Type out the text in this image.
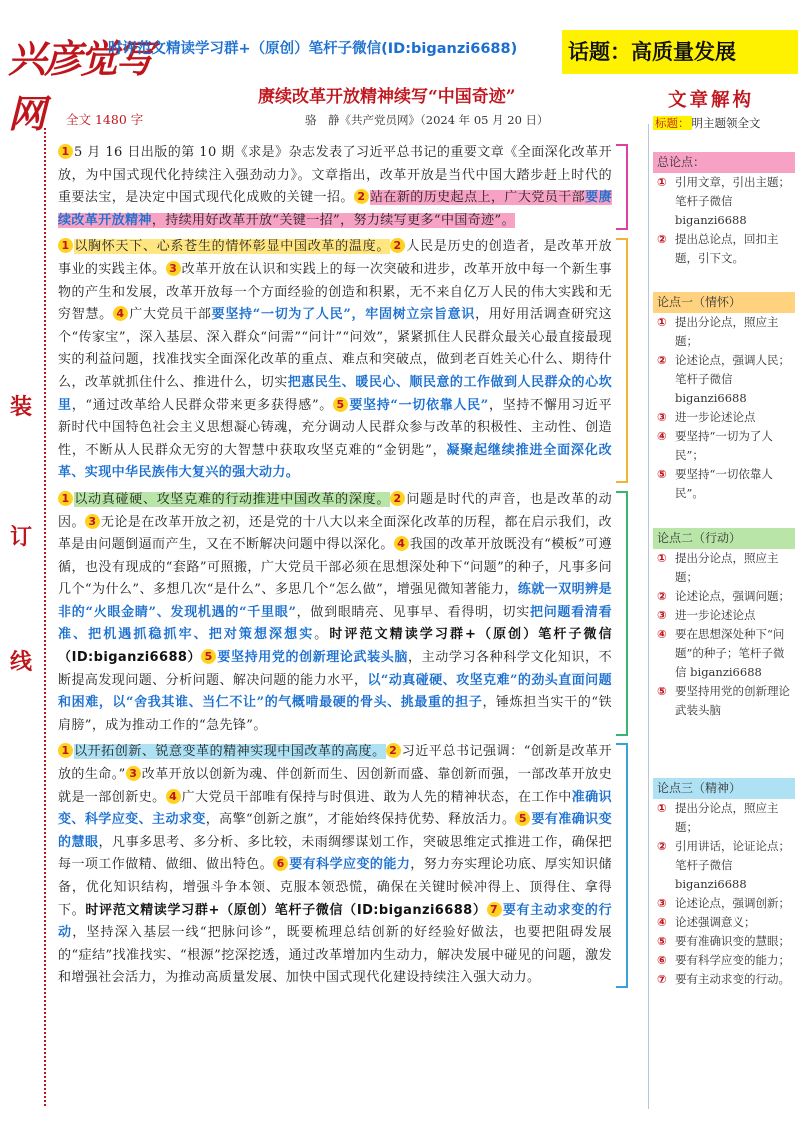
兴彦觉写网
时评范文精读学习群+（原创）笔杆子微信(ID:biganzi6688) 话题：高质量发展
赓续改革开放精神续写“中国奇迹”
全文 1480 字	骆　静《共产党员网》（2024 年 05 月 20 日）
文章解构
装
订
线
1 5 月 16 日出版的第 10 期《求是》杂志发表了习近平总书记的重要文章《全面深化改革开放，为中国式现代化持续注入强劲动力》。文章指出，改革开放是当代中国大踏步赶上时代的重要法宝，是决定中国式现代化成败的关键一招。 2 站在新的历史起点上，广大党员干部要赓续改革开放精神，持续用好改革开放“关键一招”，努力续写更多“中国奇迹”。
1 以胸怀天下、心系苍生的情怀彰显中国改革的温度。 2 人民是历史的创造者，是改革开放事业的实践主体。 3 改革开放在认识和实践上的每一次突破和进步，改革开放中每一个新生事物的产生和发展，改革开放每一个方面经验的创造和积累，无不来自亿万人民的伟大实践和无穷智慧。 4 广大党员干部要坚持“一切为了人民”，牢固树立宗旨意识，用好用活调查研究这个“传家宝”，深入基层、深入群众“问需”“问计”“问效”，紧紧抓住人民群众最关心最直接最现实的利益问题，找准找实全面深化改革的重点、难点和突破点，做到老百姓关心什么、期待什么，改革就抓住什么、推进什么，切实把惠民生、暖民心、顺民意的工作做到人民群众的心坎里，“通过改革给人民群众带来更多获得感”。 5 要坚持“一切依靠人民”，坚持不懈用习近平新时代中国特色社会主义思想凝心铸魂，充分调动人民群众参与改革的积极性、主动性、创造性，不断从人民群众无穷的大智慧中获取攻坚克难的“金钥匙”，凝聚起继续推进全面深化改革、实现中华民族伟大复兴的强大动力。
1 以动真碰硬、攻坚克难的行动推进中国改革的深度。 2 问题是时代的声音，也是改革的动因。 3 无论是在改革开放之初，还是党的十八大以来全面深化改革的历程，都在启示我们，改革是由问题倒逼而产生，又在不断解决问题中得以深化。 4 我国的改革开放既没有“模板”可遵循，也没有现成的“套路”可照搬，广大党员干部必须在思想深处种下“问题”的种子，凡事多问几个“为什么”、多想几次“是什么”、多思几个“怎么做”，增强见微知著能力，练就一双明辨是非的“火眼金睛”、发现机遇的“千里眼”，做到眼睛亮、见事早、看得明，切实把问题看清看准、把机遇抓稳抓牢、把对策想深想实。时评范文精读学习群+（原创）笔杆子微信（ID:biganzi6688） 5 要坚持用党的创新理论武装头脑，主动学习各种科学文化知识，不断提高发现问题、分析问题、解决问题的能力水平，以“动真碰硬、攻坚克难”的劲头直面问题和困难，以“舍我其谁、当仁不让”的气概啃最硬的骨头、挑最重的担子，锤炼担当实干的“铁肩膀”，成为推动工作的“急先锋”。
1 以开拓创新、锐意变革的精神实现中国改革的高度。 2 习近平总书记强调：“创新是改革开放的生命。” 3 改革开放以创新为魂、伴创新而生、因创新而盛、靠创新而强，一部改革开放史就是一部创新史。 4 广大党员干部唯有保持与时俱进、敢为人先的精神状态，在工作中准确识变、科学应变、主动求变，高擎“创新之旗”，才能始终保持优势、释放活力。 5 要有准确识变的慧眼，凡事多思考、多分析、多比较，未雨绸缪谋划工作，突破思维定式推进工作，确保把每一项工作做精、做细、做出特色。 6 要有科学应变的能力，努力夯实理论功底、厚实知识储备，优化知识结构，增强斗争本领、克服本领恐慌，确保在关键时候冲得上、顶得住、拿得下。时评范文精读学习群+（原创）笔杆子微信（ID:biganzi6688） 7 要有主动求变的行动，坚持深入基层一线“把脉问诊”，既要梳理总结创新的好经验好做法，也要把阻碍发展的“症结”找准找实、“根源”挖深挖透，通过改革增加内生动力，解决发展中碰见的问题，激发和增强社会活力，为推动高质量发展、加快中国式现代化建设持续注入强大动力。
标题： 明主题领全文
总论点：
① 引用文章，引出主题；笔杆子微信 biganzi6688
② 提出总论点，回扣主题，引下文。
论点一（情怀）
① 提出分论点，照应主题；
② 论述论点，强调人民；笔杆子微信 biganzi6688
③ 进一步论述论点
④ 要坚持“一切为了人民”；
⑤ 要坚持“一切依靠人民”。
论点二（行动）
① 提出分论点，照应主题；
② 论述论点，强调问题；
③ 进一步论述论点
④ 要在思想深处种下“问题”的种子；笔杆子微信 biganzi6688
⑤ 要坚持用党的创新理论武装头脑
论点三（精神）
① 提出分论点，照应主题；
② 引用讲话，论证论点；笔杆子微信 biganzi6688
③ 论述论点，强调创新；
④ 论述强调意义；
⑤ 要有准确识变的慧眼；
⑥ 要有科学应变的能力；
⑦ 要有主动求变的行动。
